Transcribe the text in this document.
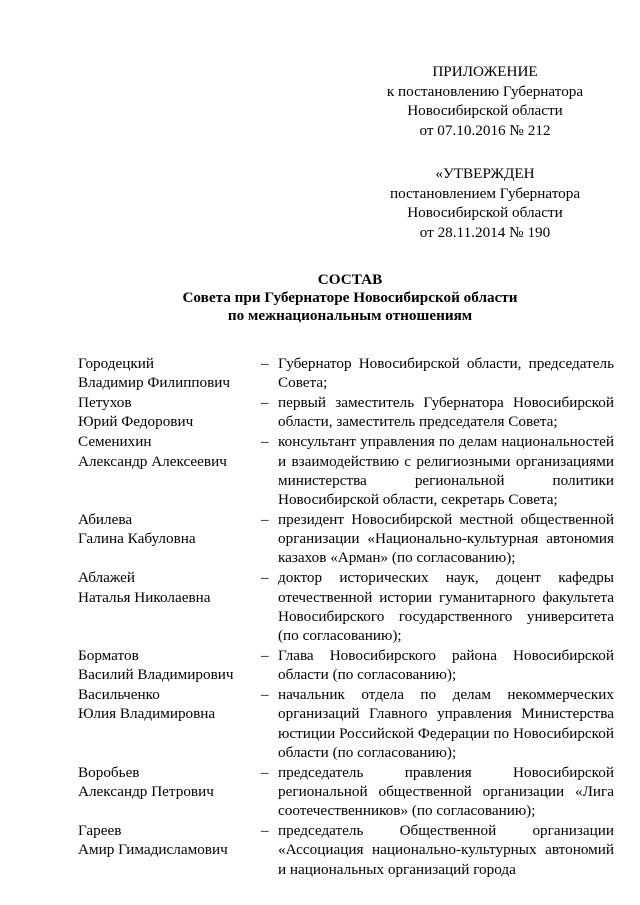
ПРИЛОЖЕНИЕ
к постановлению Губернатора
Новосибирской области
от 07.10.2016 № 212
«УТВЕРЖДЕН
постановлением Губернатора
Новосибирской области
от 28.11.2014 № 190
СОСТАВ
Совета при Губернаторе Новосибирской области
по межнациональным отношениям
Городецкий
Владимир Филиппович
– Губернатор Новосибирской области, председатель Совета;
Петухов
Юрий Федорович
– первый заместитель Губернатора Новосибирской области, заместитель председателя Совета;
Семенихин
Александр Алексеевич
– консультант управления по делам национальностей и взаимодействию с религиозными организациями министерства региональной политики Новосибирской области, секретарь Совета;
Абилева
Галина Кабуловна
– президент Новосибирской местной общественной организации «Национально-культурная автономия казахов «Арман» (по согласованию);
Аблажей
Наталья Николаевна
– доктор исторических наук, доцент кафедры отечественной истории гуманитарного факультета Новосибирского государственного университета (по согласованию);
Борматов
Василий Владимирович
– Глава Новосибирского района Новосибирской области (по согласованию);
Васильченко
Юлия Владимировна
– начальник отдела по делам некоммерческих организаций Главного управления Министерства юстиции Российской Федерации по Новосибирской области (по согласованию);
Воробьев
Александр Петрович
– председатель правления Новосибирской региональной общественной организации «Лига соотечественников» (по согласованию);
Гареев
Амир Гимадисламович
– председатель Общественной организации «Ассоциация национально-культурных автономий и национальных организаций города
